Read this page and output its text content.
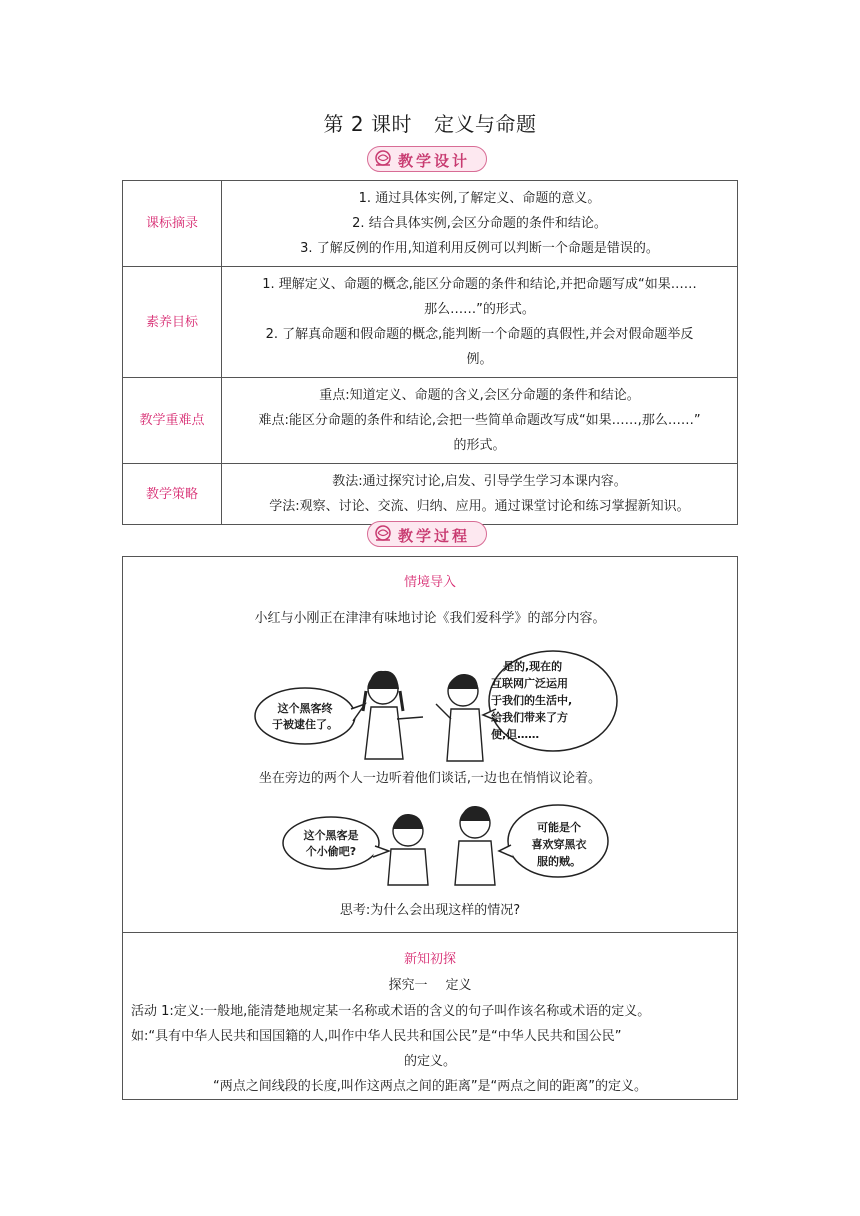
第 2 课时 定义与命题
教学设计
课标摘录	1. 通过具体实例,了解定义、命题的意义。
2. 结合具体实例,会区分命题的条件和结论。
3. 了解反例的作用,知道利用反例可以判断一个命题是错误的。

素养目标	1. 理解定义、命题的概念,能区分命题的条件和结论,并把命题写成“如果……
那么……”的形式。
2. 了解真命题和假命题的概念,能判断一个命题的真假性,并会对假命题举反
例。

教学重难点	重点:知道定义、命题的含义,会区分命题的条件和结论。
难点:能区分命题的条件和结论,会把一些简单命题改写成“如果……,那么……”
的形式。

教学策略	教法:通过探究讨论,启发、引导学生学习本课内容。
学法:观察、讨论、交流、归纳、应用。通过课堂讨论和练习掌握新知识。
教学过程
情境导入
小红与小刚正在津津有味地讨论《我们爱科学》的部分内容。
这个黑客终
于被逮住了。
是的,现在的
互联网广泛运用
于我们的生活中,
给我们带来了方
便,但……
坐在旁边的两个人一边听着他们谈话,一边也在悄悄议论着。
这个黑客是
个小偷吧?
可能是个
喜欢穿黑衣
服的贼。
思考:为什么会出现这样的情况?
新知初探
探究一 定义
活动 1:定义:一般地,能清楚地规定某一名称或术语的含义的句子叫作该名称或术语的定义。
如:“具有中华人民共和国国籍的人,叫作中华人民共和国公民”是“中华人民共和国公民”
的定义。
“两点之间线段的长度,叫作这两点之间的距离”是“两点之间的距离”的定义。
